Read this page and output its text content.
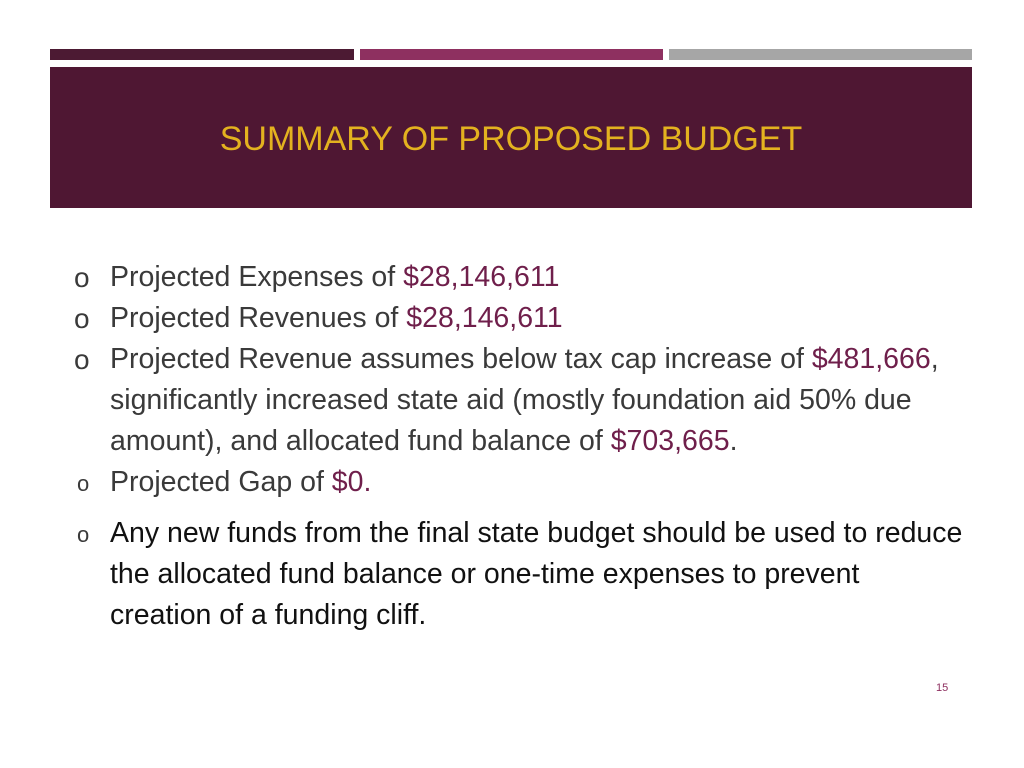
SUMMARY OF PROPOSED BUDGET
o Projected Expenses of $28,146,611
o Projected Revenues of $28,146,611
o Projected Revenue assumes below tax cap increase of $481,666, significantly increased state aid (mostly foundation aid 50% due amount), and allocated fund balance of $703,665.
o Projected Gap of $0.
o Any new funds from the final state budget should be used to reduce the allocated fund balance or one-time expenses to prevent creation of a funding cliff.
15
